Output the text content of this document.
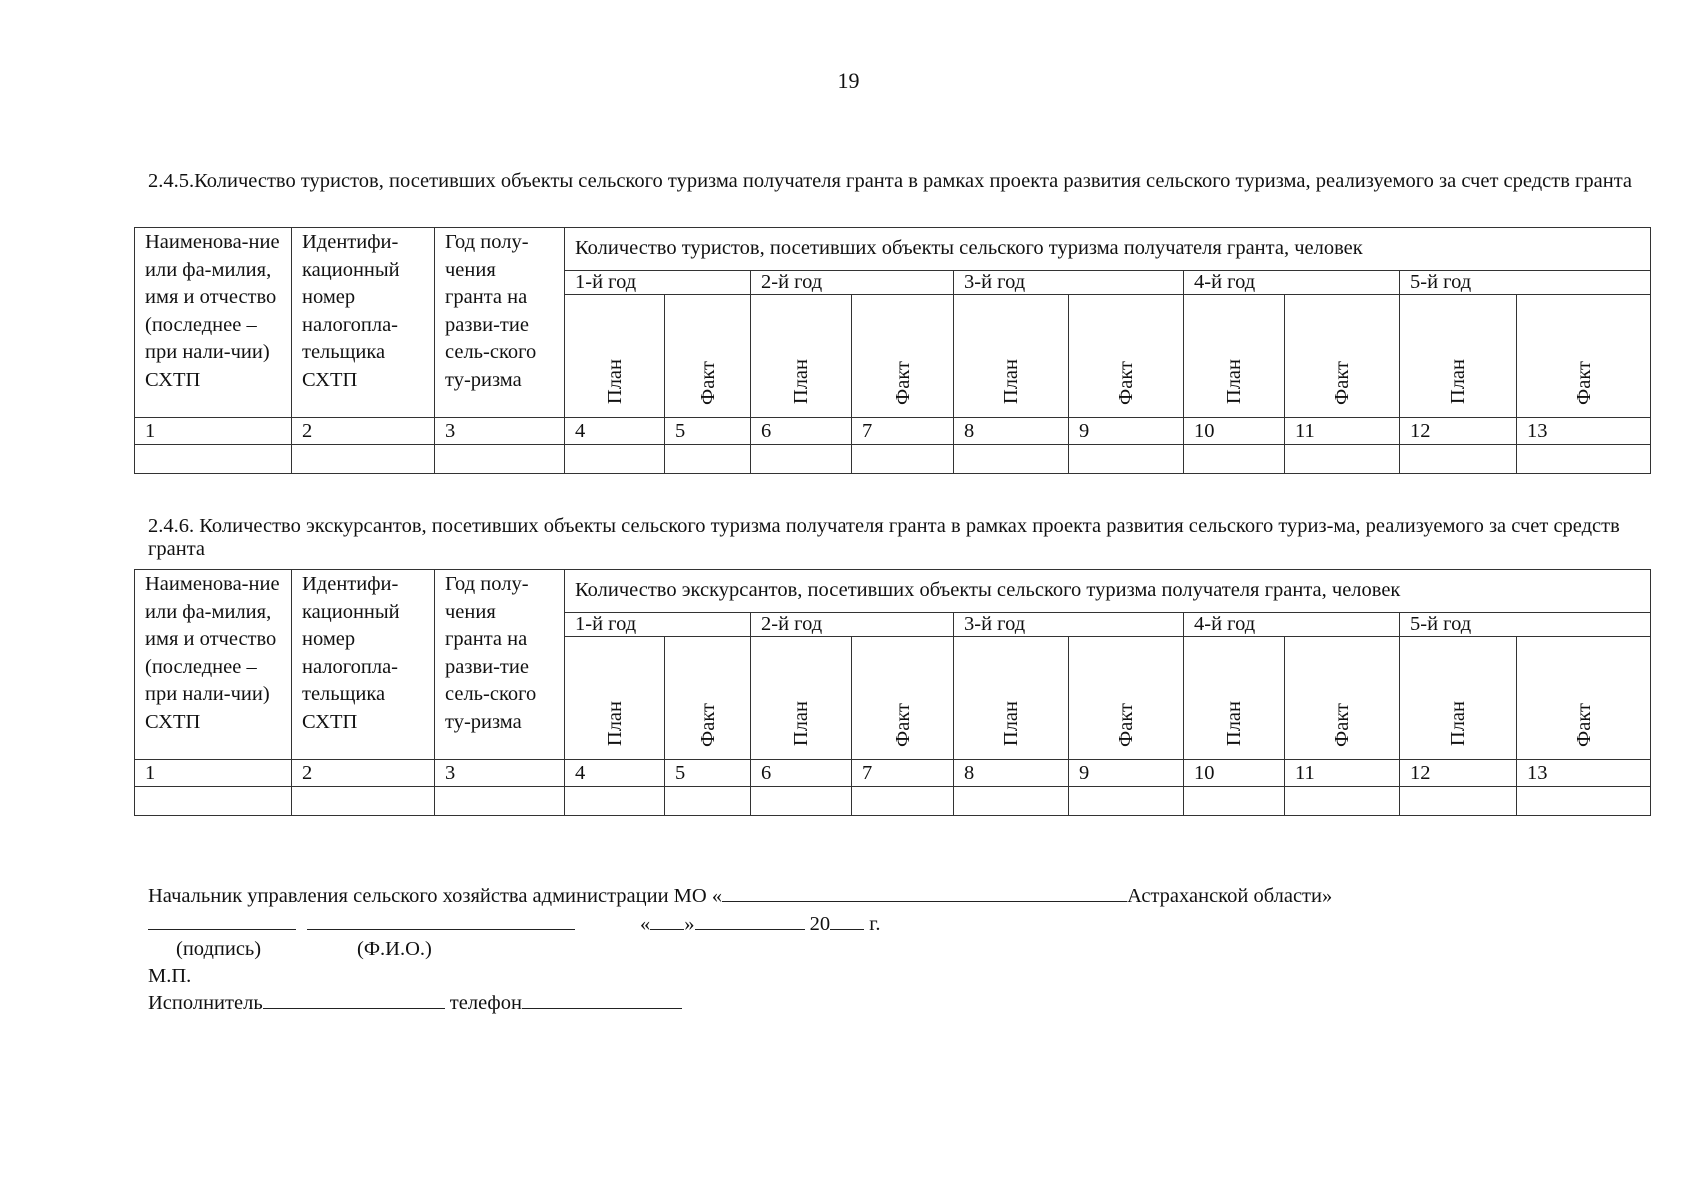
19
2.4.5.Количество туристов, посетивших объекты сельского туризма получателя гранта в рамках проекта развития сельского туризма, реализуемого за счет средств гранта
Наименова-ние или фа-милия, имя и отчество (последнее – при нали-чии) СХТП	Идентифи-кационный номер налогопла-тельщика СХТП	Год полу-чения гранта на разви-тие сель-ского ту-ризма	Количество туристов, посетивших объекты сельского туризма получателя гранта, человек									
			1-й год		2-й год		3-й год		4-й год		5-й год	
			План	Факт	План	Факт	План	Факт	План	Факт	План	Факт
1	2	3	4	5	6	7	8	9	10	11	12	13

2.4.6. Количество экскурсантов, посетивших объекты сельского туризма получателя гранта в рамках проекта развития сельского туриз-ма, реализуемого за счет средств гранта
Наименова-ние или фа-милия, имя и отчество (последнее – при нали-чии) СХТП	Идентифи-кационный номер налогопла-тельщика СХТП	Год полу-чения гранта на разви-тие сель-ского ту-ризма	Количество экскурсантов, посетивших объекты сельского туризма получателя гранта, человек									
			1-й год		2-й год		3-й год		4-й год		5-й год	
			План	Факт	План	Факт	План	Факт	План	Факт	План	Факт
1	2	3	4	5	6	7	8	9	10	11	12	13

Начальник управления сельского хозяйства администрации МО «	Астраханской области»

« »	20 г.
(подпись)	(Ф.И.О.)
М.П.
Исполнитель	телефон
